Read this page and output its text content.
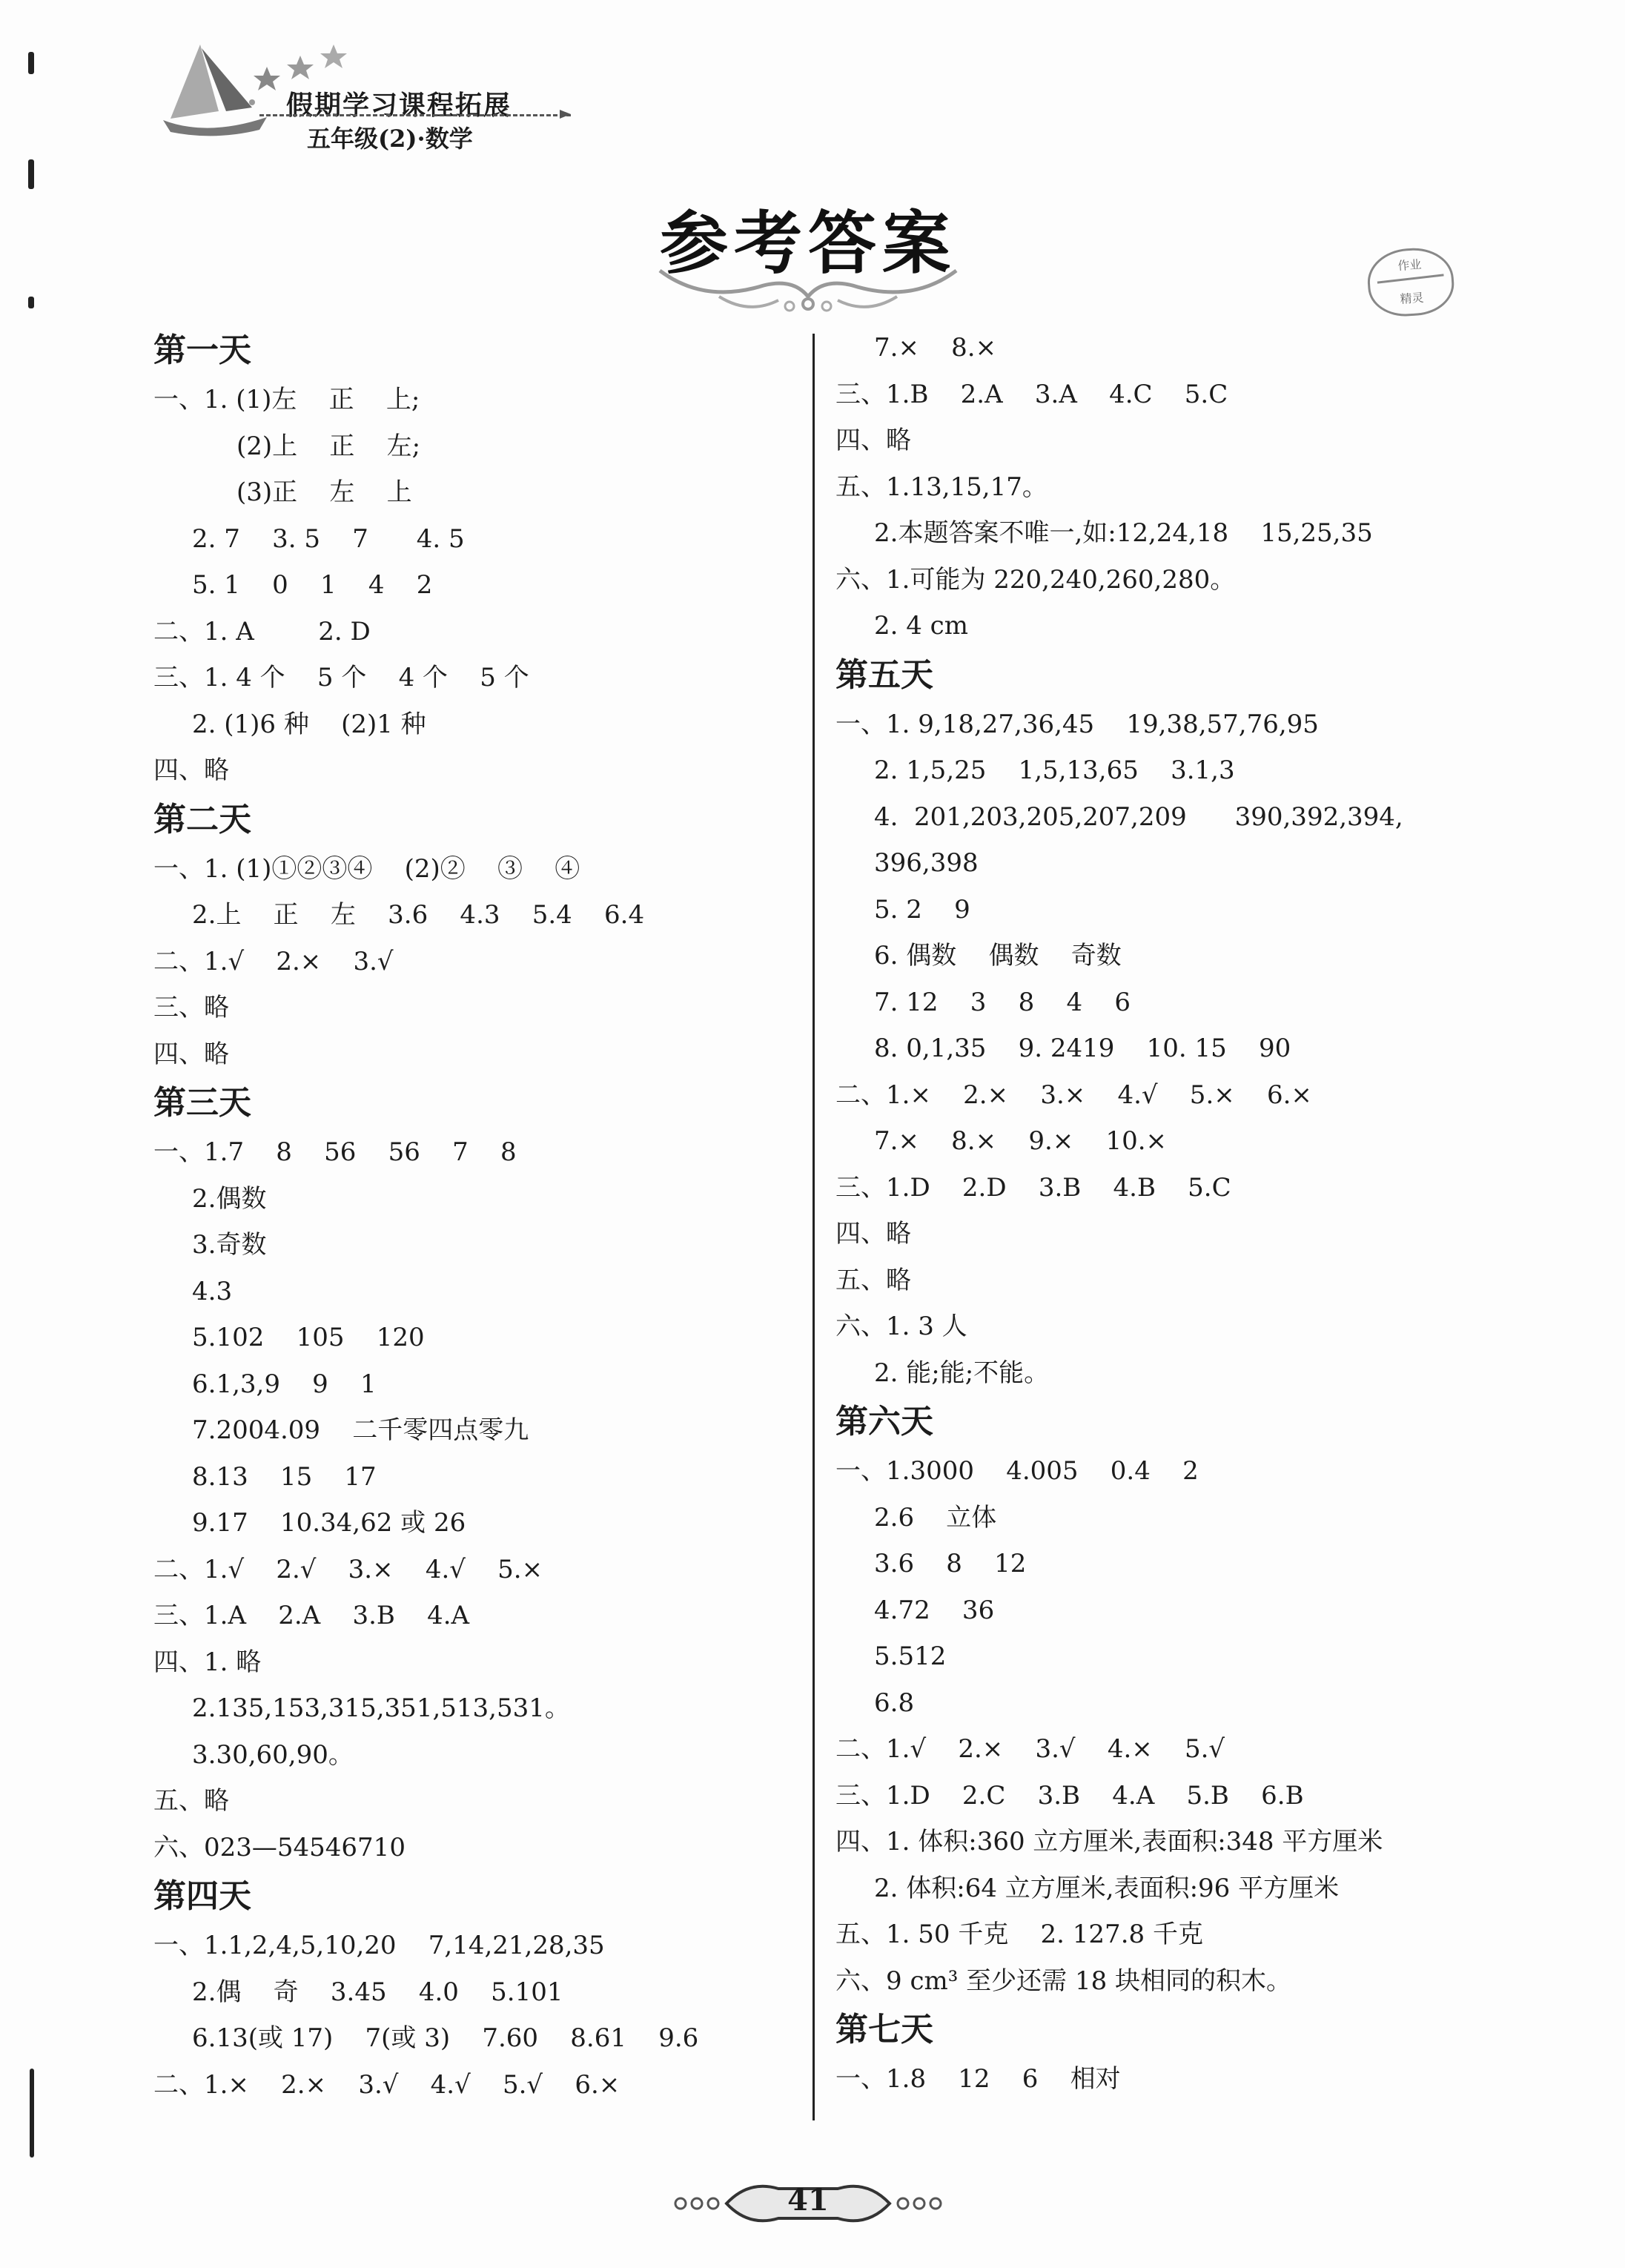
假期学习课程拓展
五年级(2)·数学
参考答案	作业
精灵
第一天
一、1. (1)左    正    上;
(2)上    正    左;
(3)正    左    上
2. 7    3. 5    7      4. 5
5. 1    0    1    4    2
二、1. A        2. D
三、1. 4 个    5 个    4 个    5 个
2. (1)6 种    (2)1 种
四、略
第二天
一、1. (1)①②③④    (2)②    ③    ④
2.上    正    左    3.6    4.3    5.4    6.4
二、1.√    2.×    3.√
三、略
四、略
第三天
一、1.7    8    56    56    7    8
2.偶数
3.奇数
4.3
5.102    105    120
6.1,3,9    9    1
7.2004.09    二千零四点零九
8.13    15    17
9.17    10.34,62 或 26
二、1.√    2.√    3.×    4.√    5.×
三、1.A    2.A    3.B    4.A
四、1. 略
2.135,153,315,351,513,531。
3.30,60,90。
五、略
六、023—54546710
第四天
一、1.1,2,4,5,10,20    7,14,21,28,35
2.偶    奇    3.45    4.0    5.101
6.13(或 17)    7(或 3)    7.60    8.61    9.6
二、1.×    2.×    3.√    4.√    5.√    6.×
7.×    8.×
三、1.B    2.A    3.A    4.C    5.C
四、略
五、1.13,15,17。
2.本题答案不唯一,如:12,24,18    15,25,35
六、1.可能为 220,240,260,280。
2. 4 cm
第五天
一、1. 9,18,27,36,45    19,38,57,76,95
2. 1,5,25    1,5,13,65    3.1,3
4.  201,203,205,207,209      390,392,394,
396,398
5. 2    9
6. 偶数    偶数    奇数
7. 12    3    8    4    6
8. 0,1,35    9. 2419    10. 15    90
二、1.×    2.×    3.×    4.√    5.×    6.×
7.×    8.×    9.×    10.×
三、1.D    2.D    3.B    4.B    5.C
四、略
五、略
六、1. 3 人
2. 能;能;不能。
第六天
一、1.3000    4.005    0.4    2
2.6    立体
3.6    8    12
4.72    36
5.512
6.8
二、1.√    2.×    3.√    4.×    5.√
三、1.D    2.C    3.B    4.A    5.B    6.B
四、1. 体积:360 立方厘米,表面积:348 平方厘米
2. 体积:64 立方厘米,表面积:96 平方厘米
五、1. 50 千克    2. 127.8 千克
六、9 cm³ 至少还需 18 块相同的积木。
第七天
一、1.8    12    6    相对
41
